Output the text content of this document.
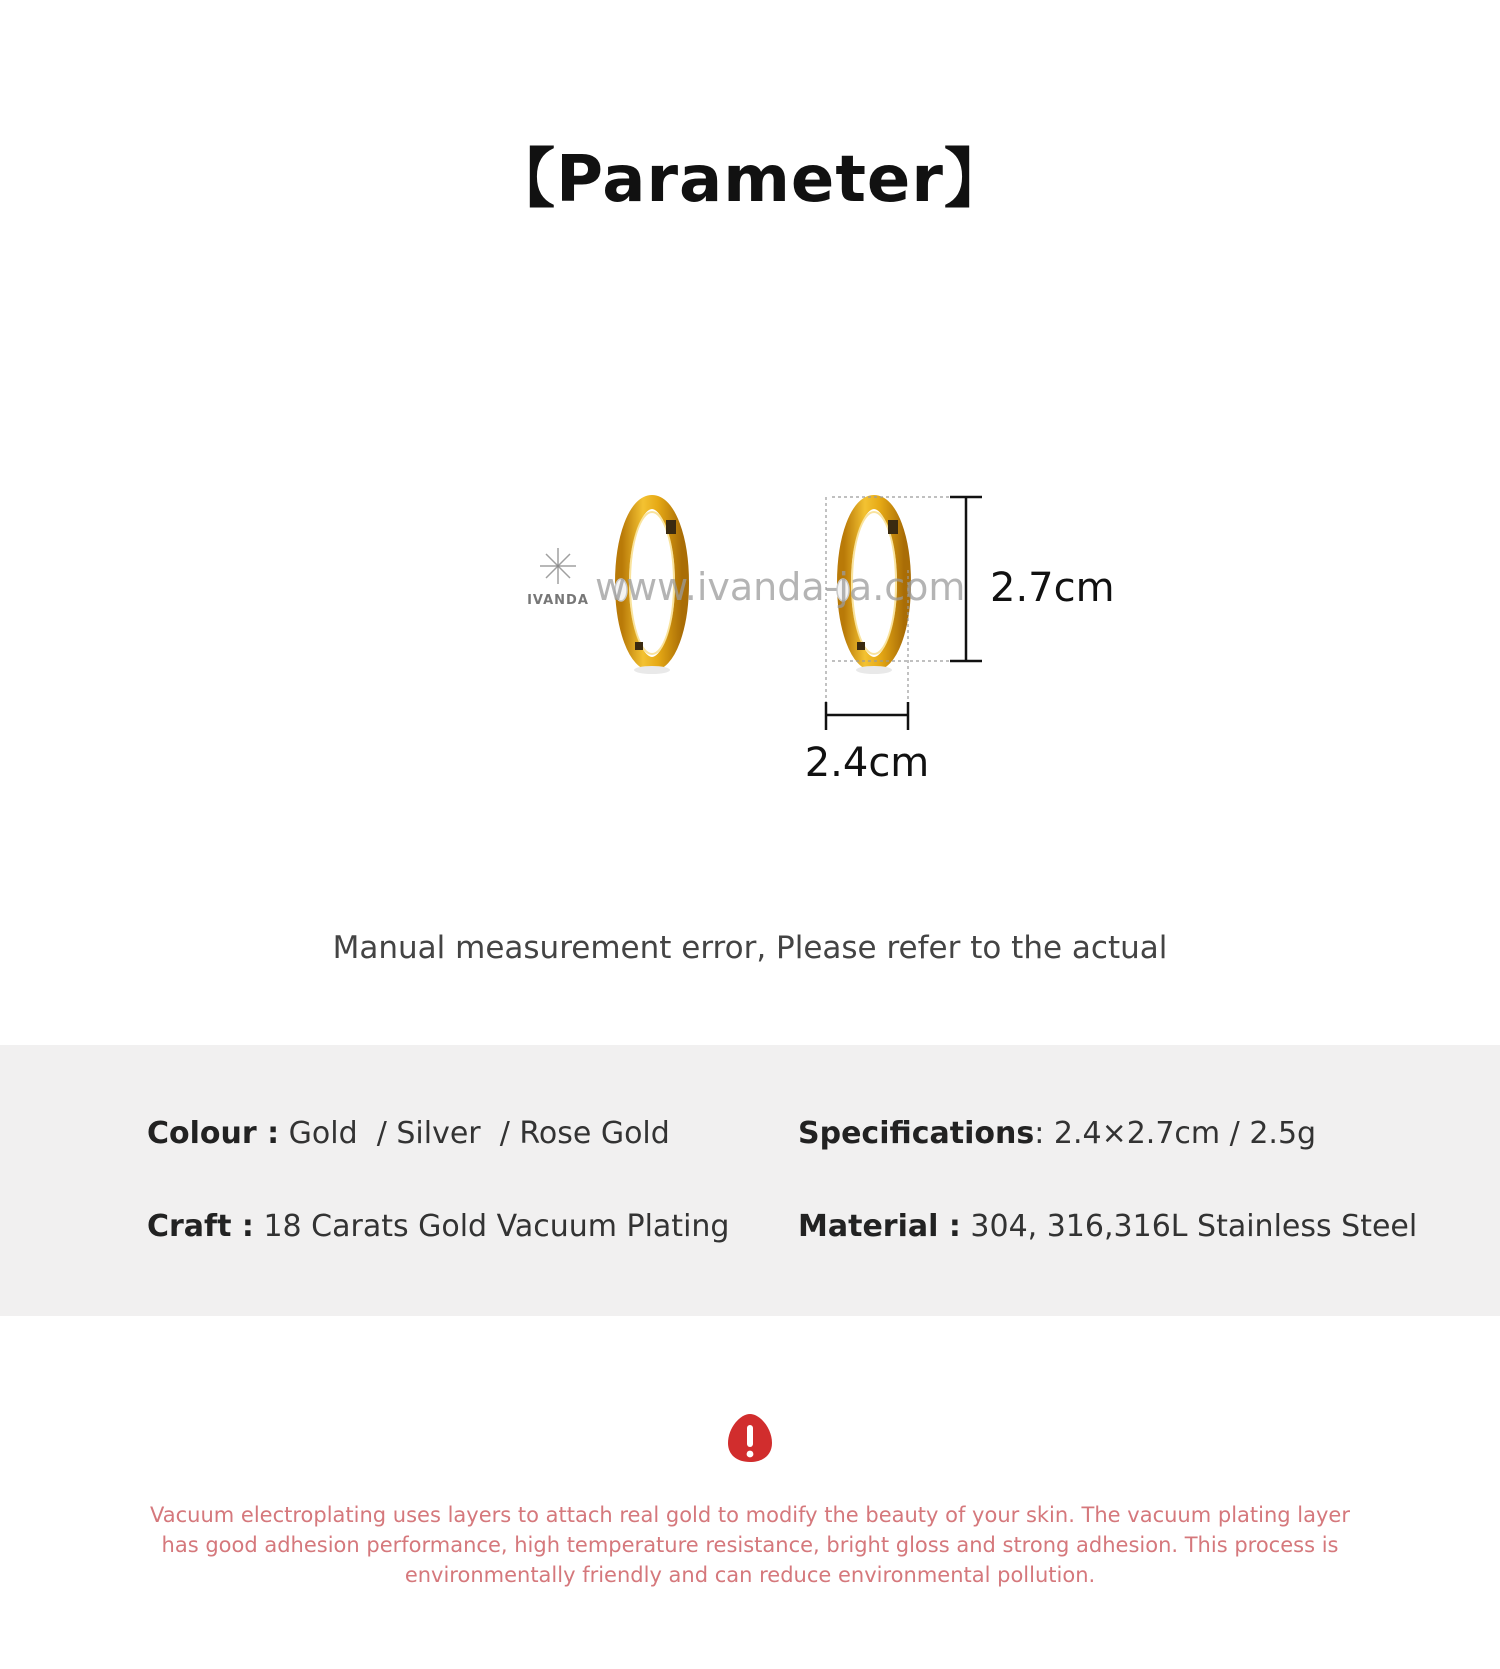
【Parameter】
IVANDA www.ivanda-ja.com 2.7cm
2.4cm
Manual measurement error, Please refer to the actual
Colour : Gold  / Silver  / Rose Gold	Specifications: 2.4×2.7cm / 2.5g
Craft : 18 Carats Gold Vacuum Plating Material : 304, 316,316L Stainless Steel
Vacuum electroplating uses layers to attach real gold to modify the beauty of your skin. The vacuum plating layer has good adhesion performance, high temperature resistance, bright gloss and strong adhesion. This process is environmentally friendly and can reduce environmental pollution.
